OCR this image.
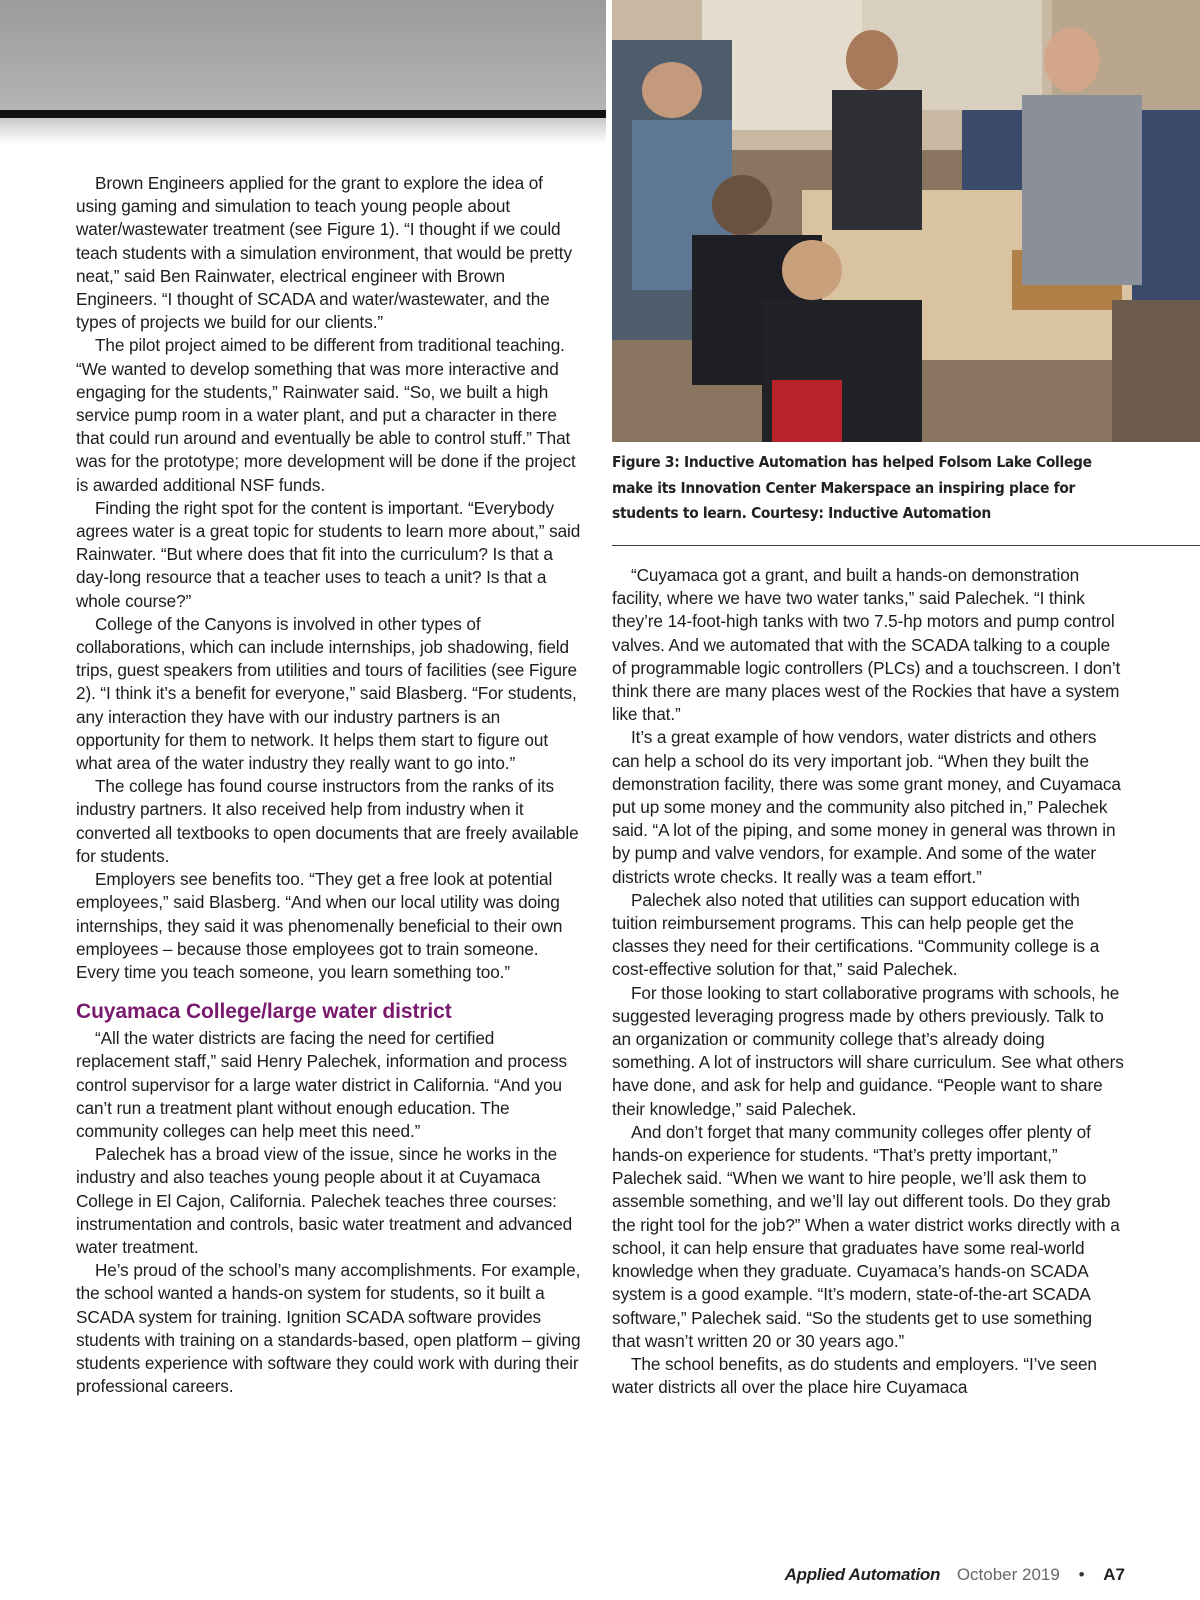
Brown Engineers applied for the grant to explore the idea of using gaming and simulation to teach young people about water/wastewater treatment (see Figure 1). “I thought if we could teach students with a simulation environment, that would be pretty neat,” said Ben Rainwater, electrical engineer with Brown Engineers. “I thought of SCADA and water/wastewater, and the types of projects we build for our clients.”

The pilot project aimed to be different from traditional teaching. “We wanted to develop something that was more interactive and engaging for the students,” Rainwater said. “So, we built a high service pump room in a water plant, and put a character in there that could run around and eventually be able to control stuff.” That was for the prototype; more development will be done if the project is awarded additional NSF funds.

Finding the right spot for the content is important. “Everybody agrees water is a great topic for students to learn more about,” said Rainwater. “But where does that fit into the curriculum? Is that a day-long resource that a teacher uses to teach a unit? Is that a whole course?”

College of the Canyons is involved in other types of collaborations, which can include internships, job shadowing, field trips, guest speakers from utilities and tours of facilities (see Figure 2). “I think it’s a benefit for everyone,” said Blasberg. “For students, any interaction they have with our industry partners is an opportunity for them to network. It helps them start to figure out what area of the water industry they really want to go into.”

The college has found course instructors from the ranks of its industry partners. It also received help from industry when it converted all textbooks to open documents that are freely available for students.

Employers see benefits too. “They get a free look at potential employees,” said Blasberg. “And when our local utility was doing internships, they said it was phenomenally beneficial to their own employees – because those employees got to train someone. Every time you teach someone, you learn something too.”

Cuyamaca College/large water district

“All the water districts are facing the need for certified replacement staff,” said Henry Palechek, information and process control supervisor for a large water district in California. “And you can’t run a treatment plant without enough education. The community colleges can help meet this need.”

Palechek has a broad view of the issue, since he works in the industry and also teaches young people about it at Cuyamaca College in El Cajon, California. Palechek teaches three courses: instrumentation and controls, basic water treatment and advanced water treatment.

He’s proud of the school’s many accomplishments. For example, the school wanted a hands-on system for students, so it built a SCADA system for training. Ignition SCADA software provides students with training on a standards-based, open platform – giving students experience with software they could work with during their professional careers.

Figure 3: Inductive Automation has helped Folsom Lake College make its Innovation Center Makerspace an inspiring place for students to learn. Courtesy: Inductive Automation

“Cuyamaca got a grant, and built a hands-on demonstration facility, where we have two water tanks,” said Palechek. “I think they’re 14-foot-high tanks with two 7.5-hp motors and pump control valves. And we automated that with the SCADA talking to a couple of programmable logic controllers (PLCs) and a touchscreen. I don’t think there are many places west of the Rockies that have a system like that.”

It’s a great example of how vendors, water districts and others can help a school do its very important job. “When they built the demonstration facility, there was some grant money, and Cuyamaca put up some money and the community also pitched in,” Palechek said. “A lot of the piping, and some money in general was thrown in by pump and valve vendors, for example. And some of the water districts wrote checks. It really was a team effort.”

Palechek also noted that utilities can support education with tuition reimbursement programs. This can help people get the classes they need for their certifications. “Community college is a cost-effective solution for that,” said Palechek.

For those looking to start collaborative programs with schools, he suggested leveraging progress made by others previously. Talk to an organization or community college that’s already doing something. A lot of instructors will share curriculum. See what others have done, and ask for help and guidance. “People want to share their knowledge,” said Palechek.

And don’t forget that many community colleges offer plenty of hands-on experience for students. “That’s pretty important,” Palechek said. “When we want to hire people, we’ll ask them to assemble something, and we’ll lay out different tools. Do they grab the right tool for the job?” When a water district works directly with a school, it can help ensure that graduates have some real-world knowledge when they graduate. Cuyamaca’s hands-on SCADA system is a good example. “It’s modern, state-of-the-art SCADA software,” Palechek said. “So the students get to use something that wasn’t written 20 or 30 years ago.”

The school benefits, as do students and employers. “I’ve seen water districts all over the place hire Cuyamaca

Applied Automation October 2019 • A7
